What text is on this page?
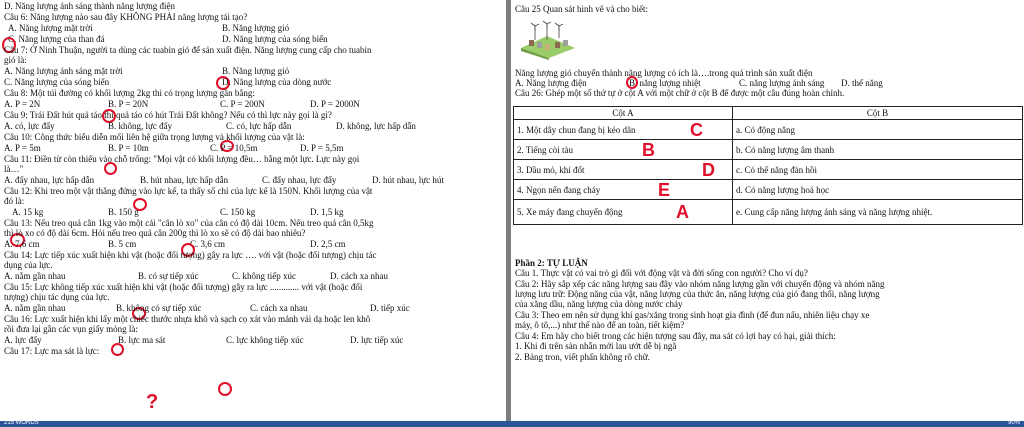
D. Năng lượng ánh sáng thành năng lượng điện
Câu 6: Năng lượng nào sau đây KHÔNG PHẢI năng lượng tái tạo?
A. Năng lượng mặt trời	B. Năng lượng gió
C. Năng lượng của than đá	D. Năng lượng của sóng biển
Câu 7: Ở Ninh Thuận, người ta dùng các tuabin gió để sản xuất điện. Năng lượng cung cấp cho tuabin
gió là:
A. Năng lượng ánh sáng mặt trời	B. Năng lượng gió
C. Năng lượng của sóng biển	D. Năng lượng của dòng nước
Câu 8: Một túi đường có khối lượng 2kg thì có trọng lượng gần bằng:
A. P = 2N	B. P = 20N	C. P = 200N	D. P = 2000N
Câu 9: Trái Đất hút quả táo thì quả táo có hút Trái Đất không? Nếu có thì lực này gọi là gì?
A. có, lực đẩy	B. không, lực đẩy	C. có, lực hấp dẫn	D. không, lực hấp dẫn
Câu 10: Công thức biểu diễn mối liên hệ giữa trọng lượng và khối lượng của vật là:
A. P = 5m	B. P = 10m	C. P = 10,5m	D. P = 5,5m
Câu 11: Điền từ còn thiếu vào chỗ trống: "Mọi vật có khối lượng đều… bằng một lực. Lực này gọi
là…"
A. đẩy nhau, lực hấp dẫn	B. hút nhau, lực hấp dẫn	C. đẩy nhau, lực đẩy	D. hút nhau, lực hút
Câu 12: Khi treo một vật thẳng đứng vào lực kế, ta thấy số chỉ của lực kế là 150N. Khối lượng của vật
đó là:
A. 15 kg	B. 150 g	C. 150 kg	D. 1,5 kg
Câu 13: Nếu treo quả cân 1kg vào một cái "cân lò xo" của cân có độ dài 10cm. Nếu treo quả cân 0,5kg
thì lò xo có độ dài 6cm. Hỏi nếu treo quả cân 200g thì lò xo sẽ có độ dài bao nhiêu?
A. 7,6 cm	B. 5 cm	C. 3,6 cm	D. 2,5 cm
Câu 14: Lực tiếp xúc xuất hiện khi vật (hoặc đối tượng) gây ra lực …. với vật (hoặc đối tượng) chịu tác
dụng của lực.
A. nằm gần nhau	B. có sự tiếp xúc	C. không tiếp xúc	D. cách xa nhau
Câu 15: Lực không tiếp xúc xuất hiện khi vật (hoặc đối tượng) gây ra lực ............. với vật (hoặc đối
tượng) chịu tác dụng của lực.
A. nằm gần nhau	B. không có sự tiếp xúc	C. cách xa nhau	D. tiếp xúc
Câu 16: Lực xuất hiện khi lấy một chiếc thước nhựa khô và sạch cọ xát vào mảnh vải dạ hoặc len khô
rồi đưa lại gần các vụn giấy mỏng là:
A. lực đẩy	B. lực ma sát	C. lực không tiếp xúc	D. lực tiếp xúc
Câu 17: Lực ma sát là lực:
?
Câu 25 Quan sát hình vẽ và cho biết:
Năng lượng gió chuyển thành năng lượng có ích là….trong quá trình sản xuất điện
A. Năng lượng điện	B. năng lượng nhiệt	C. năng lượng ánh sáng D. thế năng
Câu 26: Ghép một số thứ tự ở cột A với một chữ ở cột B để được một câu đúng hoàn chỉnh.
Cột A	Cột B
1. Một dây chun đang bị kéo dãn C	a. Có động năng
2. Tiếng còi tàu B	b. Có năng lượng âm thanh
3. Dầu mỏ, khí đốt D	c. Có thế năng đàn hồi
4. Ngọn nến đang cháy E	d. Có năng lượng hoá học
5. Xe máy đang chuyển động A	e. Cung cấp năng lượng ánh sáng và năng lượng nhiệt.
Phần 2: TỰ LUẬN
Câu 1. Thực vật có vai trò gì đối với động vật và đời sống con người? Cho ví dụ?
Câu 2: Hãy sắp xếp các năng lượng sau đây vào nhóm năng lượng gần với chuyển động và nhóm năng
lượng lưu trữ: Động năng của vật, năng lượng của thức ăn, năng lượng của gió đang thổi, năng lượng
của xăng dầu, năng lượng của dòng nước chảy
Câu 3: Theo em nên sử dụng khí gas/xăng trong sinh hoạt gia đình (để đun nấu, nhiên liệu chạy xe
máy, ô tô,...) như thế nào để an toàn, tiết kiệm?
Câu 4: Em hãy cho biết trong các hiện tượng sau đây, ma sát có lợi hay có hại, giải thích:
1. Khi đi trên sàn nhẵn mới lau ướt dễ bị ngã
2. Bảng tron, viết phấn không rõ chữ.
215 WORDS	90%
